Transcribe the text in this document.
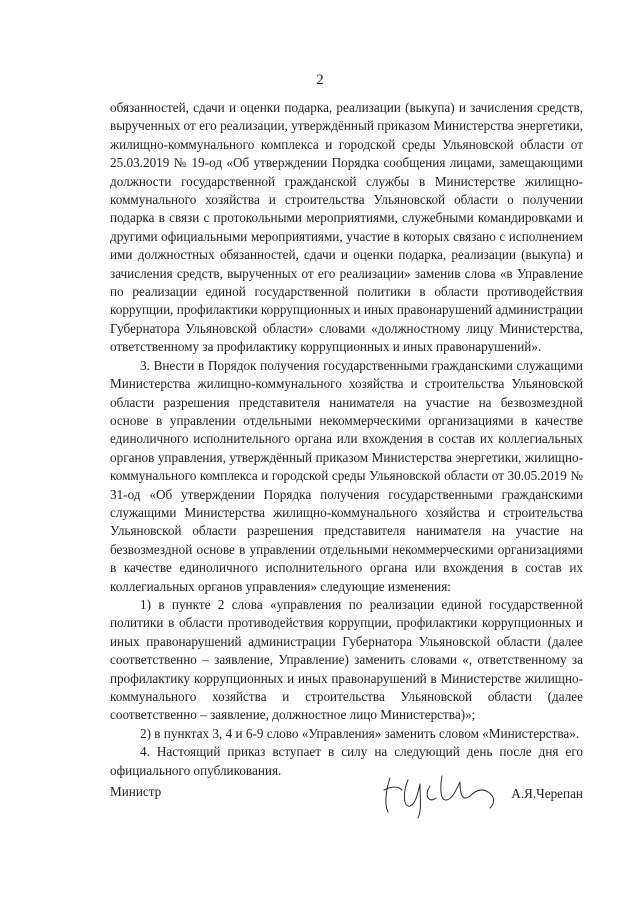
2

обязанностей, сдачи и оценки подарка, реализации (выкупа) и зачисления средств, вырученных от его реализации, утверждённый приказом Министерства энергетики, жилищно-коммунального комплекса и городской среды Ульяновской области от 25.03.2019 № 19-од «Об утверждении Порядка сообщения лицами, замещающими должности государственной гражданской службы в Министерстве жилищно-коммунального хозяйства и строительства Ульяновской области о получении подарка в связи с протокольными мероприятиями, служебными командировками и другими официальными мероприятиями, участие в которых связано с исполнением ими должностных обязанностей, сдачи и оценки подарка, реализации (выкупа) и зачисления средств, вырученных от его реализации» заменив слова «в Управление по реализации единой государственной политики в области противодействия коррупции, профилактики коррупционных и иных правонарушений администрации Губернатора Ульяновской области» словами «должностному лицу Министерства, ответственному за профилактику коррупционных и иных правонарушений».

3. Внести в Порядок получения государственными гражданскими служащими Министерства жилищно-коммунального хозяйства и строительства Ульяновской области разрешения представителя нанимателя на участие на безвозмездной основе в управлении отдельными некоммерческими организациями в качестве единоличного исполнительного органа или вхождения в состав их коллегиальных органов управления, утверждённый приказом Министерства энергетики, жилищно-коммунального комплекса и городской среды Ульяновской области от 30.05.2019 № 31-од «Об утверждении Порядка получения государственными гражданскими служащими Министерства жилищно-коммунального хозяйства и строительства Ульяновской области разрешения представителя нанимателя на участие на безвозмездной основе в управлении отдельными некоммерческими организациями в качестве единоличного исполнительного органа или вхождения в состав их коллегиальных органов управления» следующие изменения:

1) в пункте 2 слова «управления по реализации единой государственной политики в области противодействия коррупции, профилактики коррупционных и иных правонарушений администрации Губернатора Ульяновской области (далее соответственно – заявление, Управление) заменить словами «, ответственному за профилактику коррупционных и иных правонарушений в Министерстве жилищно-коммунального хозяйства и строительства Ульяновской области (далее соответственно – заявление, должностное лицо Министерства)»;

2) в пунктах 3, 4 и 6-9 слово «Управления» заменить словом «Министерства».

4. Настоящий приказ вступает в силу на следующий день после дня его официального опубликования.

Министр	А.Я.Черепан
